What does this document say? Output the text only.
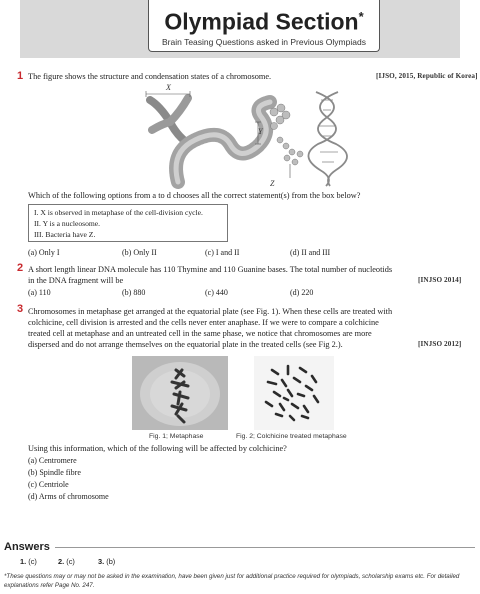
Olympiad Section*
Brain Teasing Questions asked in Previous Olympiads
1 The figure shows the structure and condensation states of a chromosome.	[IJSO, 2015, Republic of Korea]
X
Y
Z
Which of the following options from a to d chooses all the correct statement(s) from the box below?
I. X is observed in metaphase of the cell-division cycle.
II. Y is a nucleosome.
III. Bacteria have Z.
(a) Only I	(b) Only II	(c) I and II	(d) II and III
2 A short length linear DNA molecule has 110 Thymine and 110 Guanine bases. The total number of nucleotids
in the DNA fragment will be	[INJSO 2014]
(a) 110	(b) 880	(c) 440	(d) 220
3 Chromosomes in metaphase get arranged at the equatorial plate (see Fig. 1). When these cells are treated with
colchicine, cell division is arrested and the cells never enter anaphase. If we were to compare a colchicine
treated cell at metaphase and an untreated cell in the same phase, we notice that chromosomes are more
dispersed and do not arrange themselves on the equatorial plate in the treated cells (see Fig 2.).	[INJSO 2012]
Fig. 1; Metaphase	Fig. 2; Colchicine treated metaphase
Using this information, which of the following will be affected by colchicine?
(a) Centromere
(b) Spindle fibre
(c) Centriole
(d) Arms of chromosome
Answers
1. (c)	2. (c)	3. (b)
*These questions may or may not be asked in the examination, have been given just for additional practice required for olympiads, scholarship exams etc. For detailed explanations refer Page No. 247.
